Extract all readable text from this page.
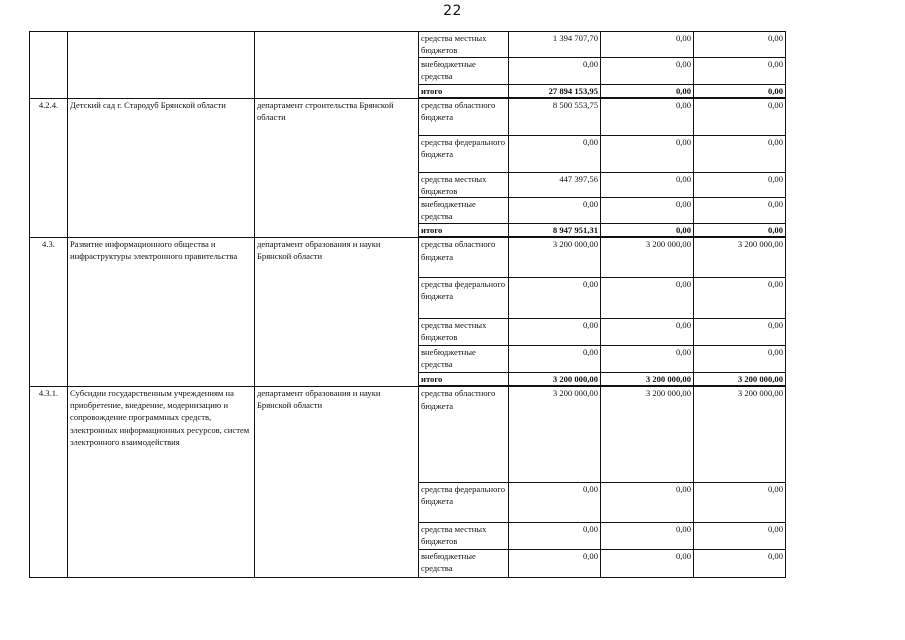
22
			средства местных бюджетов	1 394 707,70	0,00	0,00
			внебюджетные средства	0,00	0,00	0,00
			итого	27 894 153,95	0,00	0,00
4.2.4.	Детский сад г. Стародуб Брянской области	департамент строительства Брянской области	средства областного бюджета	8 500 553,75	0,00	0,00
			средства федерального бюджета	0,00	0,00	0,00
			средства местных бюджетов	447 397,56	0,00	0,00
			внебюджетные средства	0,00	0,00	0,00
			итого	8 947 951,31	0,00	0,00
4.3.	Развитие информационного общества и инфраструктуры электронного правительства	департамент образования и науки Брянской области	средства областного бюджета	3 200 000,00	3 200 000,00	3 200 000,00
			средства федерального бюджета	0,00	0,00	0,00
			средства местных бюджетов	0,00	0,00	0,00
			внебюджетные средства	0,00	0,00	0,00
			итого	3 200 000,00	3 200 000,00	3 200 000,00
4.3.1.	Субсидии государственным учреждениям на приобретение, внедрение, модернизацию и сопровождение программных средств, электронных информационных ресурсов, систем электронного взаимодействия	департамент образования и науки Брянской области	средства областного бюджета	3 200 000,00	3 200 000,00	3 200 000,00
			средства федерального бюджета	0,00	0,00	0,00
			средства местных бюджетов	0,00	0,00	0,00
			внебюджетные средства	0,00	0,00	0,00
